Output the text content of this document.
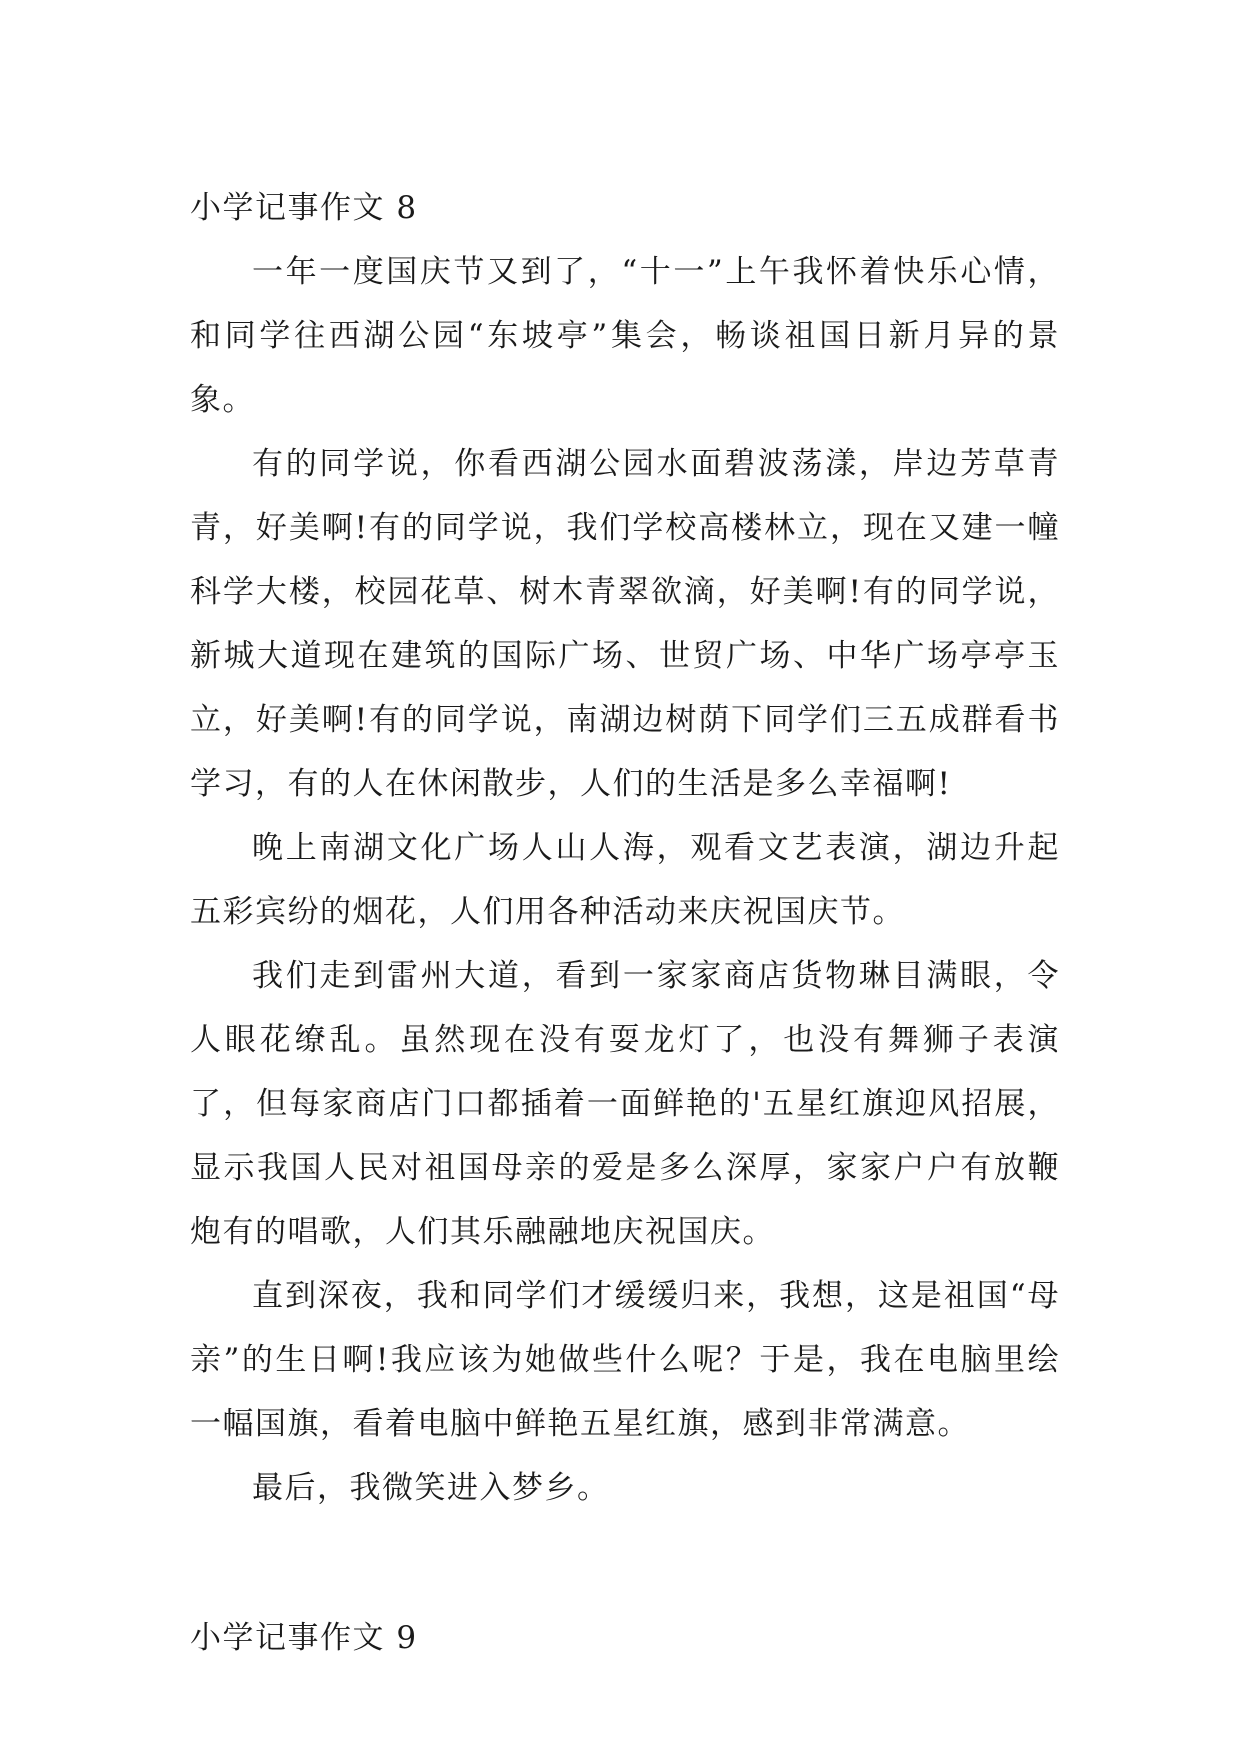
小学记事作文 8

一年一度国庆节又到了，“十一”上午我怀着快乐心情，和同学往西湖公园“东坡亭”集会，畅谈祖国日新月异的景象。

有的同学说，你看西湖公园水面碧波荡漾，岸边芳草青青，好美啊!有的同学说，我们学校高楼林立，现在又建一幢科学大楼，校园花草、树木青翠欲滴，好美啊!有的同学说，新城大道现在建筑的国际广场、世贸广场、中华广场亭亭玉立，好美啊!有的同学说，南湖边树荫下同学们三五成群看书学习，有的人在休闲散步，人们的生活是多么幸福啊!

晚上南湖文化广场人山人海，观看文艺表演，湖边升起五彩宾纷的烟花，人们用各种活动来庆祝国庆节。

我们走到雷州大道，看到一家家商店货物琳目满眼，令人眼花缭乱。虽然现在没有耍龙灯了，也没有舞狮子表演了，但每家商店门口都插着一面鲜艳的'五星红旗迎风招展，显示我国人民对祖国母亲的爱是多么深厚，家家户户有放鞭炮有的唱歌，人们其乐融融地庆祝国庆。

直到深夜，我和同学们才缓缓归来，我想，这是祖国“母亲”的生日啊!我应该为她做些什么呢？于是，我在电脑里绘一幅国旗，看着电脑中鲜艳五星红旗，感到非常满意。

最后，我微笑进入梦乡。

小学记事作文 9
